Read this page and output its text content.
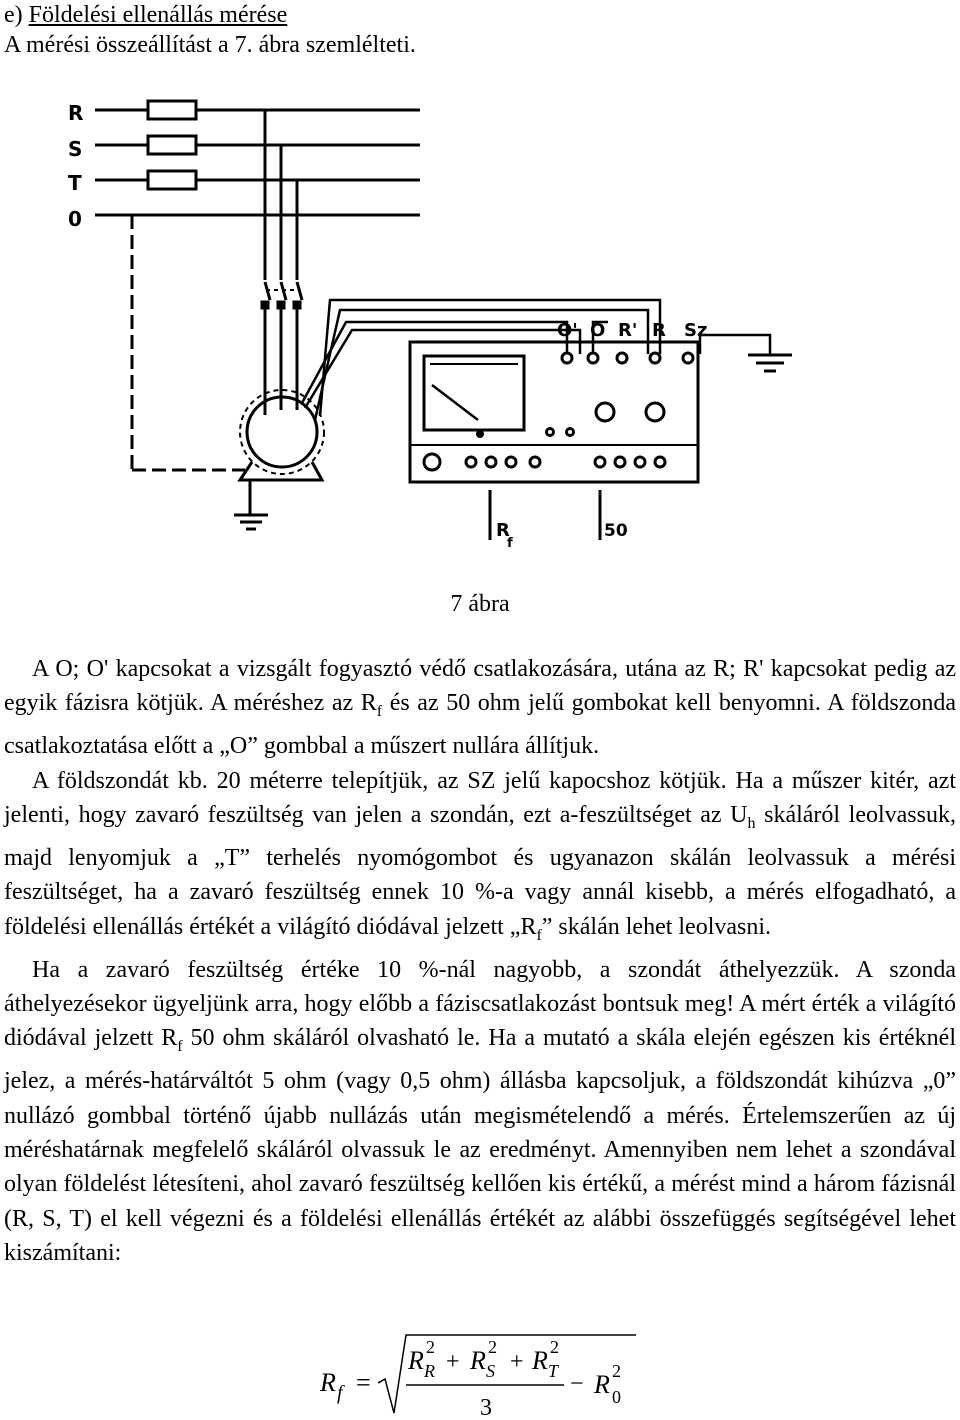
e) Földelési ellenállás mérése
A mérési összeállítást a 7. ábra szemlélteti.
R
S
T
0
O' O R' R Sz
R
f
50
7 ábra

A O; O' kapcsokat a vizsgált fogyasztó védő csatlakozására, utána az R; R' kapcsokat pedig az egyik fázisra kötjük. A méréshez az $R_f$ és az 50 ohm jelű gombokat kell benyomni. A földszonda csatlakoztatása előtt a „O” gombbal a műszert nullára állítjuk.

A földszondát kb. 20 méterre telepítjük, az SZ jelű kapocshoz kötjük. Ha a műszer kitér, azt jelenti, hogy zavaró feszültség van jelen a szondán, ezt a-feszültséget az $U_h$ skáláról leolvassuk, majd lenyomjuk a „T” terhelés nyomógombot és ugyanazon skálán leolvassuk a mérési feszültséget, ha a zavaró feszültség ennek 10 %-a vagy annál kisebb, a mérés elfogadható, a földelési ellenállás értékét a világító diódával jelzett $„R_f$” skálán lehet leolvasni.

Ha a zavaró feszültség értéke 10 %-nál nagyobb, a szondát áthelyezzük. A szonda áthelyezésekor ügyeljünk arra, hogy előbb a fáziscsatlakozást bontsuk meg! A mért érték a világító diódával jelzett $R_f$ 50 ohm skáláról olvasható le. Ha a mutató a skála elején egészen kis értéknél jelez, a mérés-határváltót 5 ohm (vagy 0,5 ohm) állásba kapcsoljuk, a földszondát kihúzva „0” nullázó gombbal történő újabb nullázás után megismételendő a mérés. Értelemszerűen az új méréshatárnak megfelelő skáláról olvassuk le az eredményt. Amennyiben nem lehet a szondával olyan földelést létesíteni, ahol zavaró feszültség kellően kis értékű, a mérést mind a három fázisnál (R, S, T) el kell végezni és a földelési ellenállás értékét az alábbi összefüggés segítségével lehet kiszámítani:

R f =
R 2
R + R 2
S + R 2
T
3
− R 2
0
